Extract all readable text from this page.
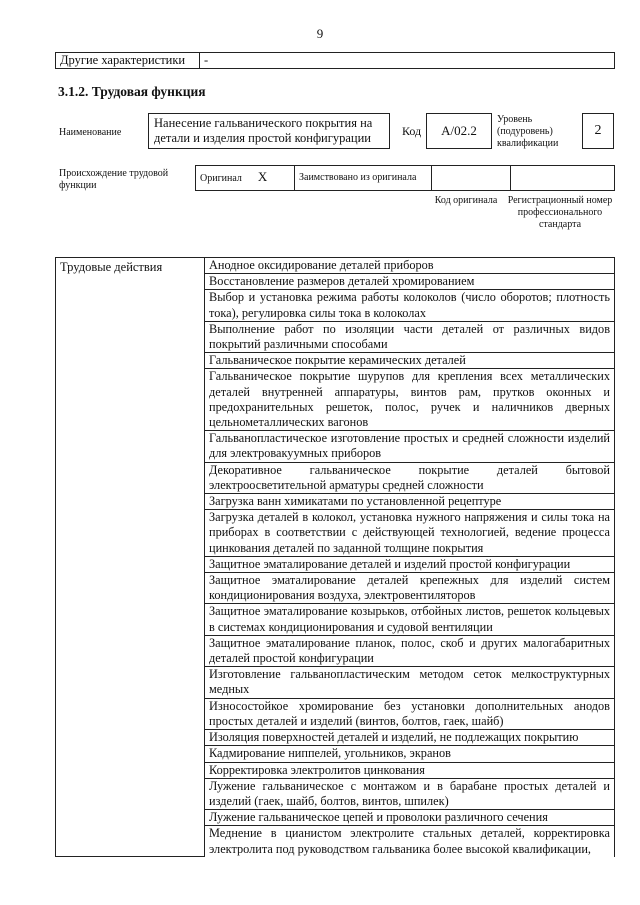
9
Другие характеристики	-
3.1.2. Трудовая функция
Наименование
Нанесение гальванического покрытия на детали и изделия простой конфигурации	Код	А/02.2
Уровень (подуровень) квалификации
2
Происхождение трудовой функции
Оригинал X	Заимствовано из оригинала		
Код оригинала Регистрационный номер профессионального стандарта
Трудовые действия	Анодное оксидирование деталей приборов
Восстановление размеров деталей хромированием
Выбор и установка режима работы колоколов (число оборотов; плотность тока), регулировка силы тока в колоколах
Выполнение работ по изоляции части деталей от различных видов покрытий различными способами
Гальваническое покрытие керамических деталей
Гальваническое покрытие шурупов для крепления всех металлических деталей внутренней аппаратуры, винтов рам, прутков оконных и предохранительных решеток, полос, ручек и наличников дверных цельнометаллических вагонов
Гальванопластическое изготовление простых и средней сложности изделий для электровакуумных приборов
Декоративное гальваническое покрытие деталей бытовой электроосветительной арматуры средней сложности
Загрузка ванн химикатами по установленной рецептуре
Загрузка деталей в колокол, установка нужного напряжения и силы тока на приборах в соответствии с действующей технологией, ведение процесса цинкования деталей по заданной толщине покрытия
Защитное эматалирование деталей и изделий простой конфигурации
Защитное эматалирование деталей крепежных для изделий систем кондиционирования воздуха, электровентиляторов
Защитное эматалирование козырьков, отбойных листов, решеток кольцевых в системах кондиционирования и судовой вентиляции
Защитное эматалирование планок, полос, скоб и других малогабаритных деталей простой конфигурации
Изготовление гальванопластическим методом сеток мелкоструктурных медных
Износостойкое хромирование без установки дополнительных анодов простых деталей и изделий (винтов, болтов, гаек, шайб)
Изоляция поверхностей деталей и изделий, не подлежащих покрытию
Кадмирование ниппелей, угольников, экранов
Корректировка электролитов цинкования
Лужение гальваническое с монтажом и в барабане простых деталей и изделий (гаек, шайб, болтов, винтов, шпилек)
Лужение гальваническое цепей и проволоки различного сечения
Меднение в цианистом электролите стальных деталей, корректировка электролита под руководством гальваника более высокой квалификации,
